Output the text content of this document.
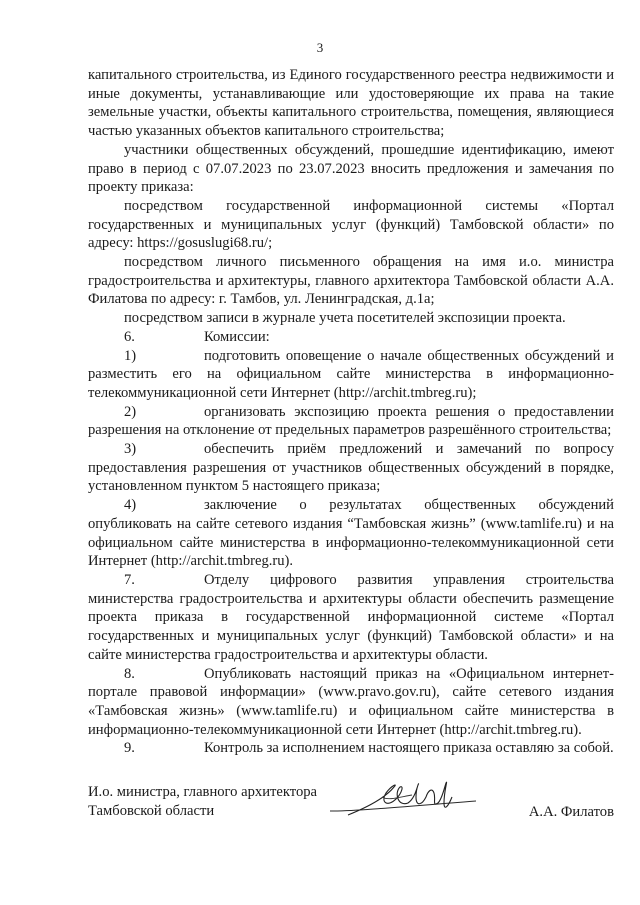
3

капитального строительства, из Единого государственного реестра недвижимости и иные документы, устанавливающие или удостоверяющие их права на такие земельные участки, объекты капитального строительства, помещения, являющиеся частью указанных объектов капитального строительства;

участники общественных обсуждений, прошедшие идентификацию, имеют право в период с 07.07.2023 по 23.07.2023 вносить предложения и замечания по проекту приказа:

посредством государственной информационной системы «Портал государственных и муниципальных услуг (функций) Тамбовской области» по адресу: https://gosuslugi68.ru/;

посредством личного письменного обращения на имя и.о. министра градостроительства и архитектуры, главного архитектора Тамбовской области А.А. Филатова по адресу: г. Тамбов, ул. Ленинградская, д.1а;

посредством записи в журнале учета посетителей экспозиции проекта.

6.	Комиссии:

1)	подготовить оповещение о начале общественных обсуждений и разместить его на официальном сайте министерства в информационно-телекоммуникационной сети Интернет (http://archit.tmbreg.ru);

2)	организовать экспозицию проекта решения о предоставлении разрешения на отклонение от предельных параметров разрешённого строительства;

3)	обеспечить приём предложений и замечаний по вопросу предоставления разрешения от участников общественных обсуждений в порядке, установленном пунктом 5 настоящего приказа;

4)	заключение о результатах общественных обсуждений опубликовать на сайте сетевого издания “Тамбовская жизнь” (www.tamlife.ru) и на официальном сайте министерства в информационно-телекоммуникационной сети Интернет (http://archit.tmbreg.ru).

7.	Отделу цифрового развития управления строительства министерства градостроительства и архитектуры области обеспечить размещение проекта приказа в государственной информационной системе «Портал государственных и муниципальных услуг (функций) Тамбовской области» и на сайте министерства градостроительства и архитектуры области.

8.	Опубликовать настоящий приказ на «Официальном интернет-портале правовой информации» (www.pravo.gov.ru), сайте сетевого издания «Тамбовская жизнь» (www.tamlife.ru) и официальном сайте министерства в информационно-телекоммуникационной сети Интернет (http://archit.tmbreg.ru).

9.	Контроль за исполнением настоящего приказа оставляю за собой.

И.о. министра, главного архитектора
Тамбовской области	А.А. Филатов
